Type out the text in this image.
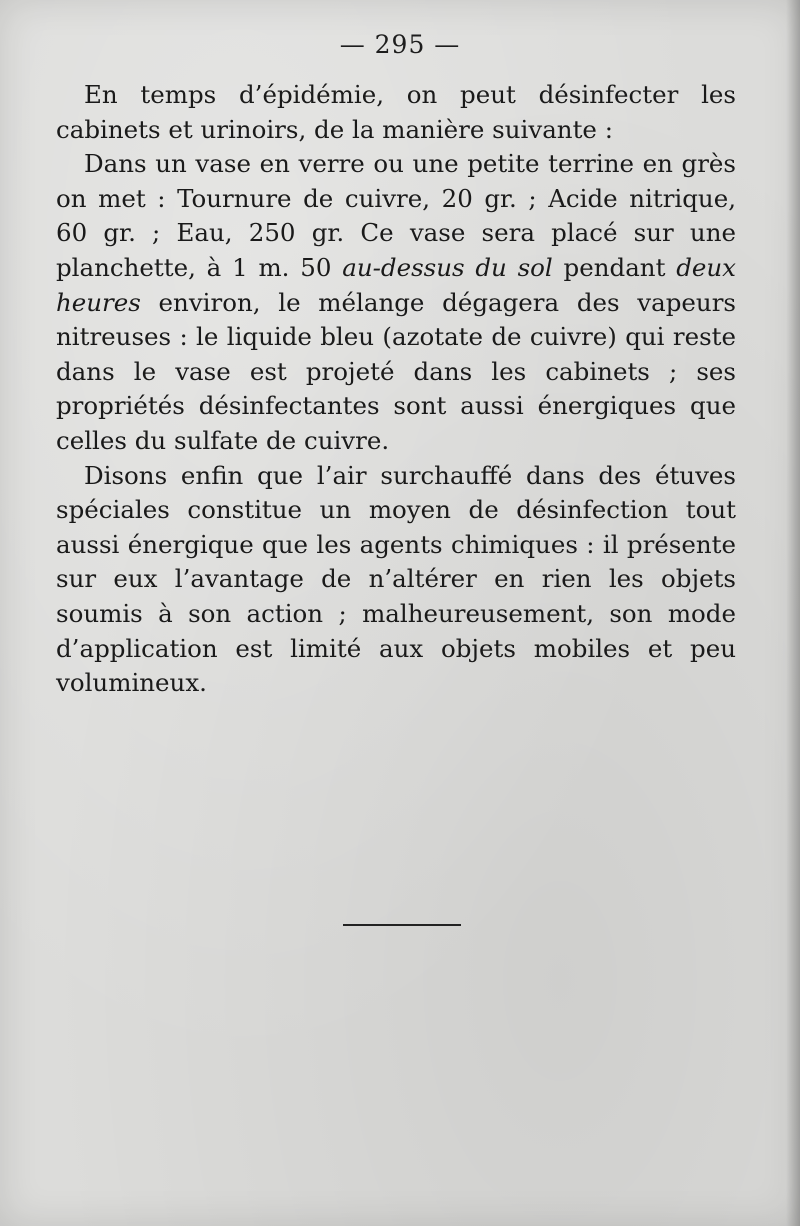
— 295 —

En temps d’épidémie, on peut désinfecter les cabinets et urinoirs, de la manière suivante :

Dans un vase en verre ou une petite terrine en grès on met : Tournure de cuivre, 20 gr. ; Acide nitrique, 60 gr. ; Eau, 250 gr. Ce vase sera placé sur une planchette, à 1 m. 50 au-dessus du sol pendant deux heures environ, le mélange dégagera des vapeurs nitreuses : le liquide bleu (azotate de cuivre) qui reste dans le vase est projeté dans les cabinets ; ses propriétés désinfectantes sont aussi énergiques que celles du sulfate de cuivre.

Disons enfin que l’air surchauffé dans des étuves spéciales constitue un moyen de désinfection tout aussi énergique que les agents chimiques : il présente sur eux l’avantage de n’altérer en rien les objets soumis à son action ; malheureusement, son mode d’application est limité aux objets mobiles et peu volumineux.
